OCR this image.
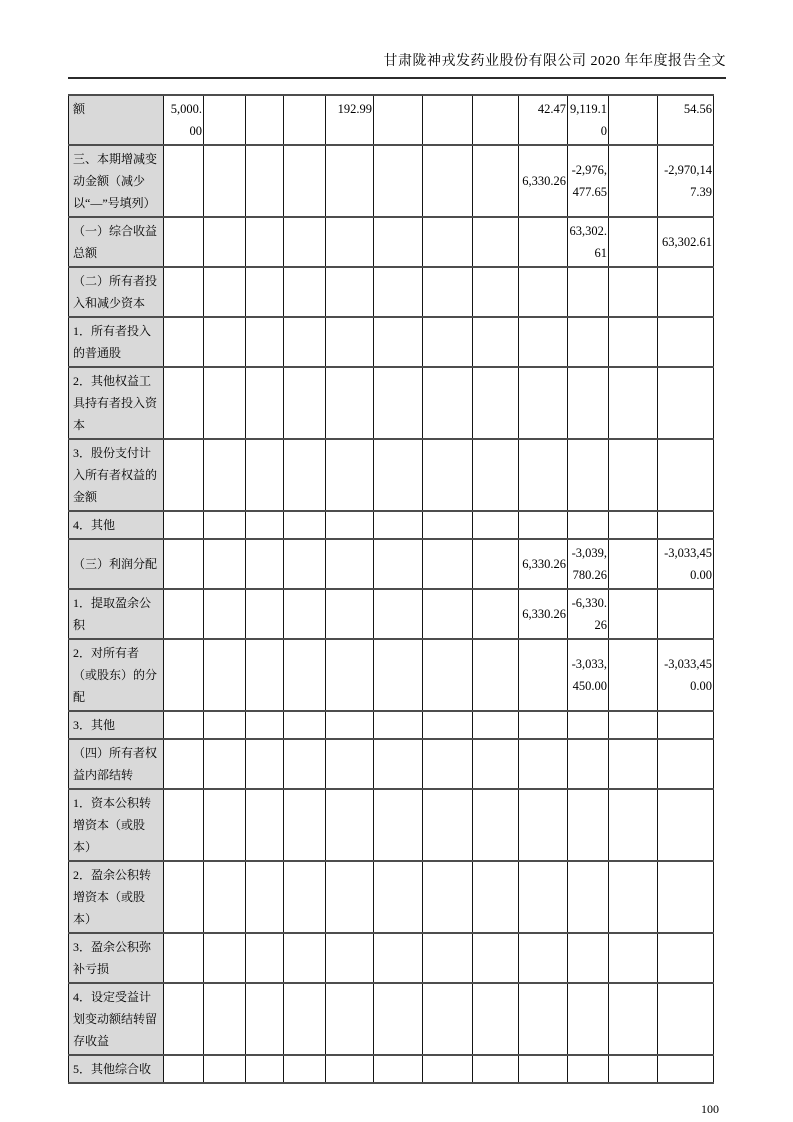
甘肃陇神戎发药业股份有限公司 2020 年年度报告全文
额	5,000.00				192.99				42.47	9,119.10		54.56
三、本期增减变动金额（减少以“—”号填列）									6,330.26	-2,976,477.65		-2,970,147.39
（一）综合收益总额										63,302.61		63,302.61
（二）所有者投入和减少资本												
1．所有者投入的普通股												
2．其他权益工具持有者投入资本												
3．股份支付计入所有者权益的金额												
4．其他												
（三）利润分配									6,330.26	-3,039,780.26		-3,033,450.00
1．提取盈余公积									6,330.26	-6,330.26		
2．对所有者（或股东）的分配										-3,033,450.00		-3,033,450.00
3．其他												
（四）所有者权益内部结转												
1．资本公积转增资本（或股本）												
2．盈余公积转增资本（或股本）												
3．盈余公积弥补亏损												
4．设定受益计划变动额结转留存收益												
5．其他综合收												
100
